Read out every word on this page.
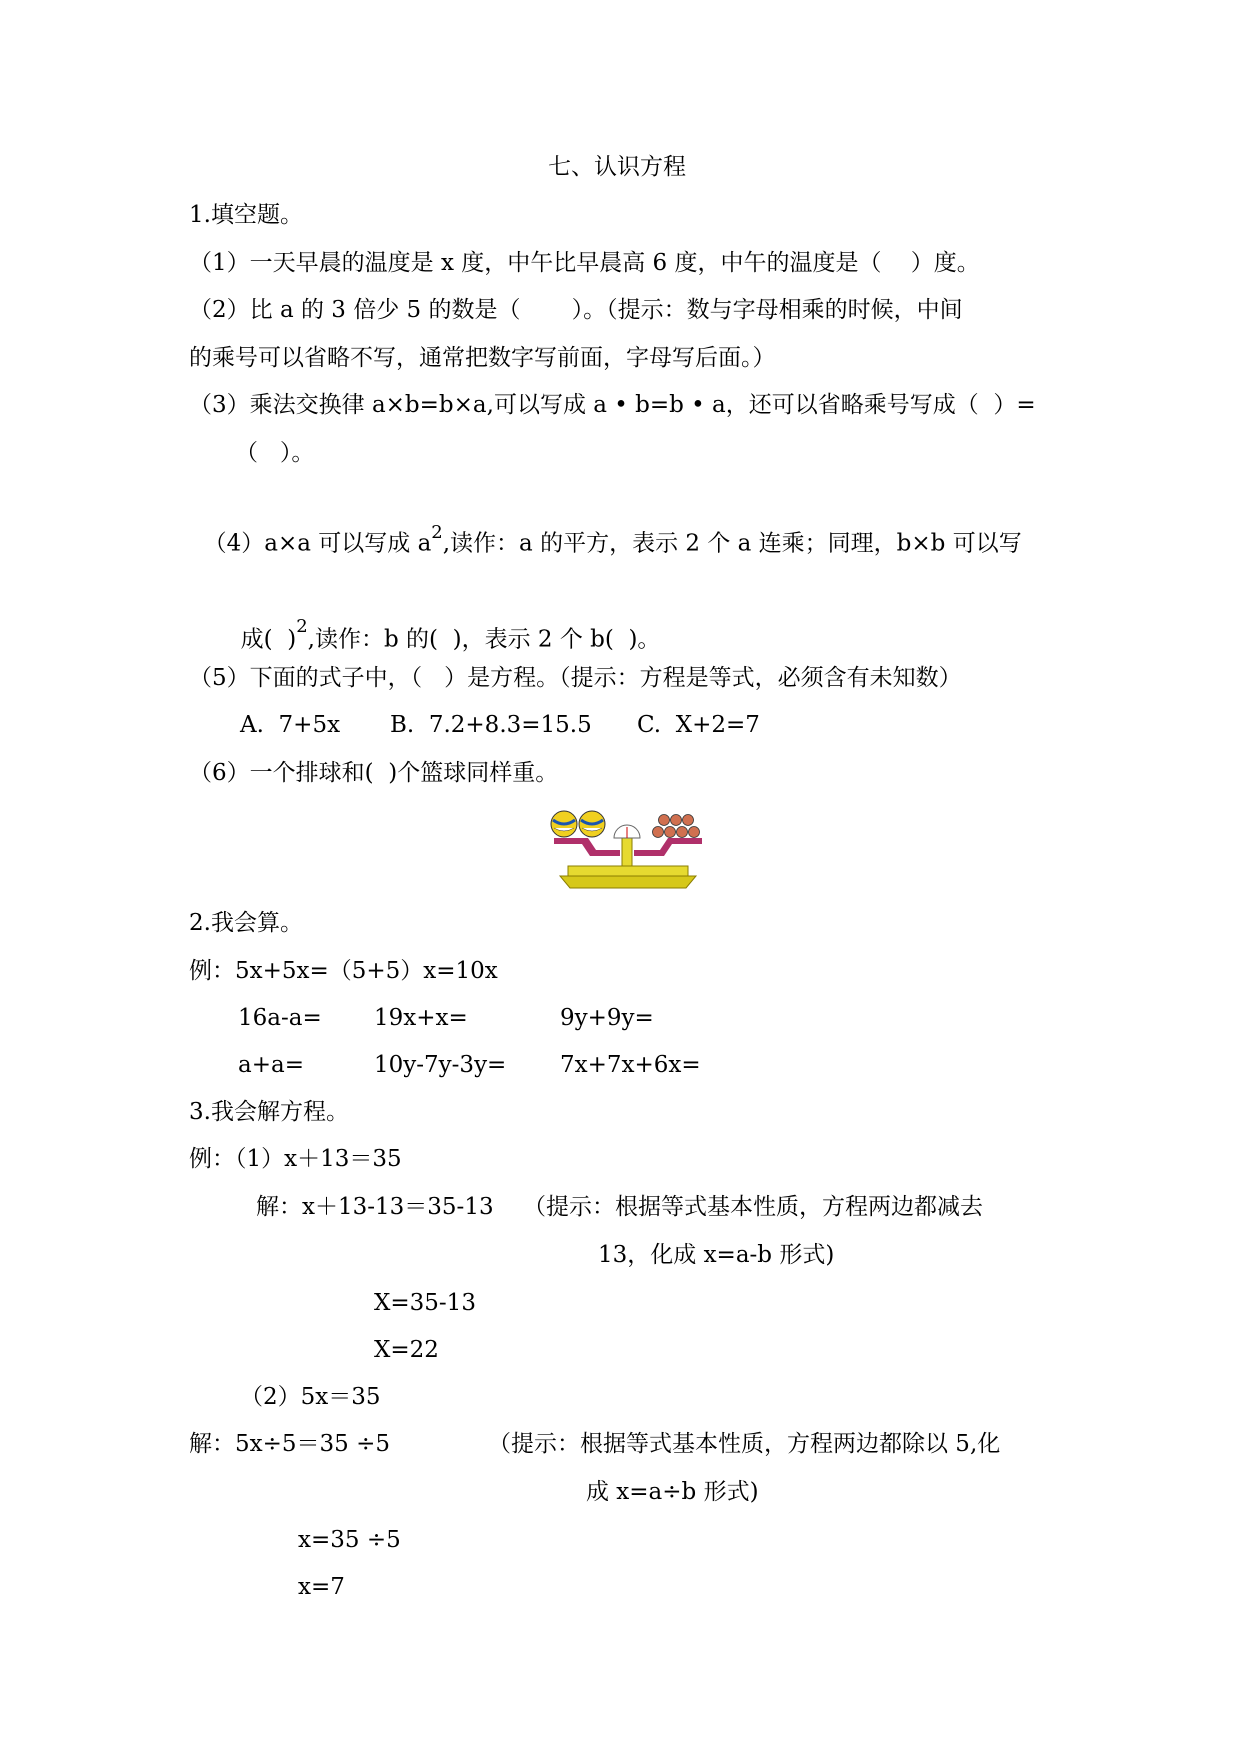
七、认识方程
1.填空题。
（1）一天早晨的温度是 x 度，中午比早晨高 6 度，中午的温度是（    ）度。
（2）比 a 的 3 倍少 5 的数是（       ）。（提示：数与字母相乘的时候，中间
的乘号可以省略不写，通常把数字写前面，字母写后面。）
（3）乘法交换律 a×b=b×a,可以写成 a • b=b • a，还可以省略乘号写成（  ）=
（   ）。

（4）a×a 可以写成 $a^2$,读作：a 的平方，表示 2 个 a 连乘；同理，b×b 可以写

成(  )$^2$,读作：b 的(  )，表示 2 个 b(  )。

（5）下面的式子中，（   ）是方程。（提示：方程是等式，必须含有未知数）
A.  7+5x B.  7.2+8.3=15.5 C.  X+2=7
（6）一个排球和(  )个篮球同样重。
2.我会算。
例：5x+5x=（5+5）x=10x
16a-a= 19x+x=	9y+9y=
a+a=	10y-7y-3y= 7x+7x+6x=
3.我会解方程。
例：（1）x＋13＝35
解：x＋13-13＝35-13 （提示：根据等式基本性质，方程两边都减去
13，化成 x=a-b 形式)
X=35-13
X=22
（2）5x＝35
解：5x÷5＝35 ÷5	（提示：根据等式基本性质，方程两边都除以 5,化
成 x=a÷b 形式)
x=35 ÷5
x=7
